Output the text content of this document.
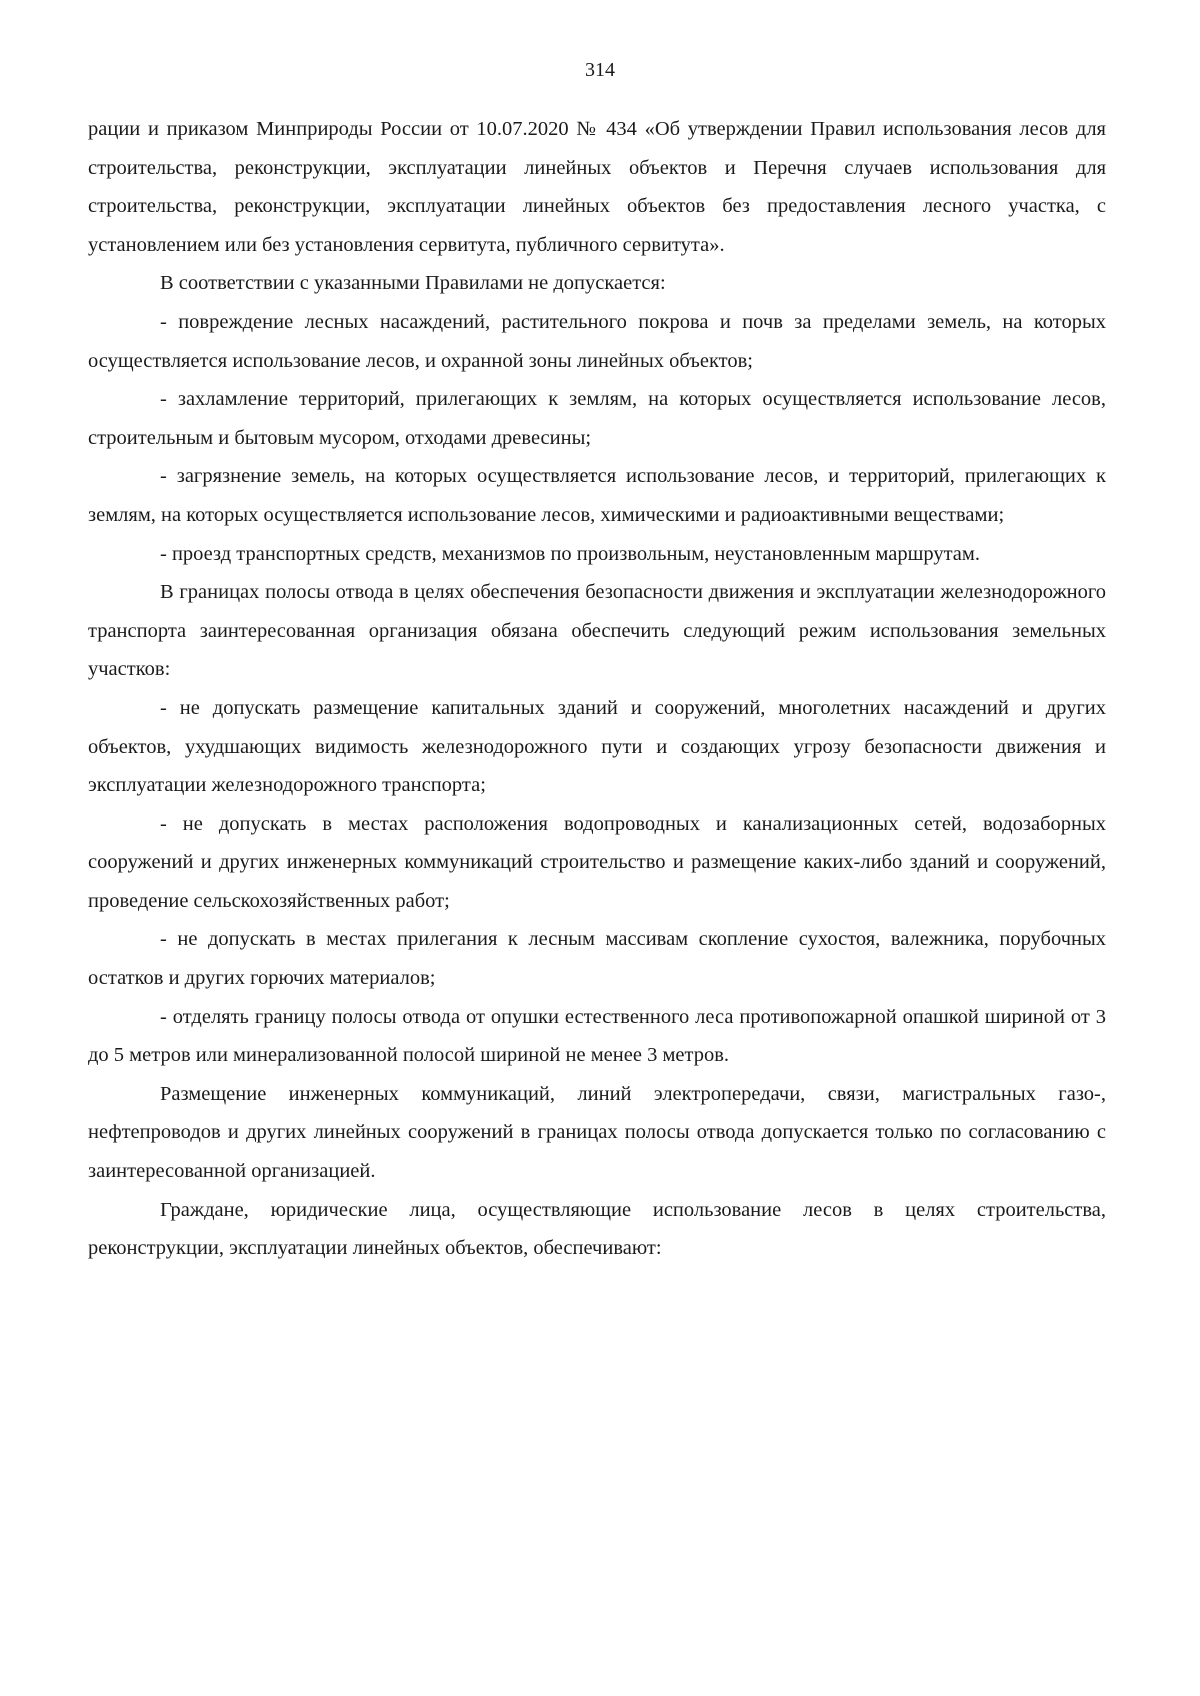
314

рации и приказом Минприроды России от 10.07.2020 № 434 «Об утверждении Правил использования лесов для строительства, реконструкции, эксплуатации линейных объектов и Перечня случаев использования для строительства, реконструкции, эксплуатации линейных объектов без предоставления лесного участка, с установлением или без установления сервитута, публичного сервитута».

В соответствии с указанными Правилами не допускается:

- повреждение лесных насаждений, растительного покрова и почв за пределами земель, на которых осуществляется использование лесов, и охранной зоны линейных объектов;

- захламление территорий, прилегающих к землям, на которых осуществляется использование лесов, строительным и бытовым мусором, отходами древесины;

- загрязнение земель, на которых осуществляется использование лесов, и территорий, прилегающих к землям, на которых осуществляется использование лесов, химическими и радиоактивными веществами;

- проезд транспортных средств, механизмов по произвольным, неустановленным маршрутам.

В границах полосы отвода в целях обеспечения безопасности движения и эксплуатации железнодорожного транспорта заинтересованная организация обязана обеспечить следующий режим использования земельных участков:

- не допускать размещение капитальных зданий и сооружений, многолетних насаждений и других объектов, ухудшающих видимость железнодорожного пути и создающих угрозу безопасности движения и эксплуатации железнодорожного транспорта;

- не допускать в местах расположения водопроводных и канализационных сетей, водозаборных сооружений и других инженерных коммуникаций строительство и размещение каких-либо зданий и сооружений, проведение сельскохозяйственных работ;

- не допускать в местах прилегания к лесным массивам скопление сухостоя, валежника, порубочных остатков и других горючих материалов;

- отделять границу полосы отвода от опушки естественного леса противопожарной опашкой шириной от 3 до 5 метров или минерализованной полосой шириной не менее 3 метров.

Размещение инженерных коммуникаций, линий электропередачи, связи, магистральных газо-, нефтепроводов и других линейных сооружений в границах полосы отвода допускается только по согласованию с заинтересованной организацией.

Граждане, юридические лица, осуществляющие использование лесов в целях строительства, реконструкции, эксплуатации линейных объектов, обеспечивают:
